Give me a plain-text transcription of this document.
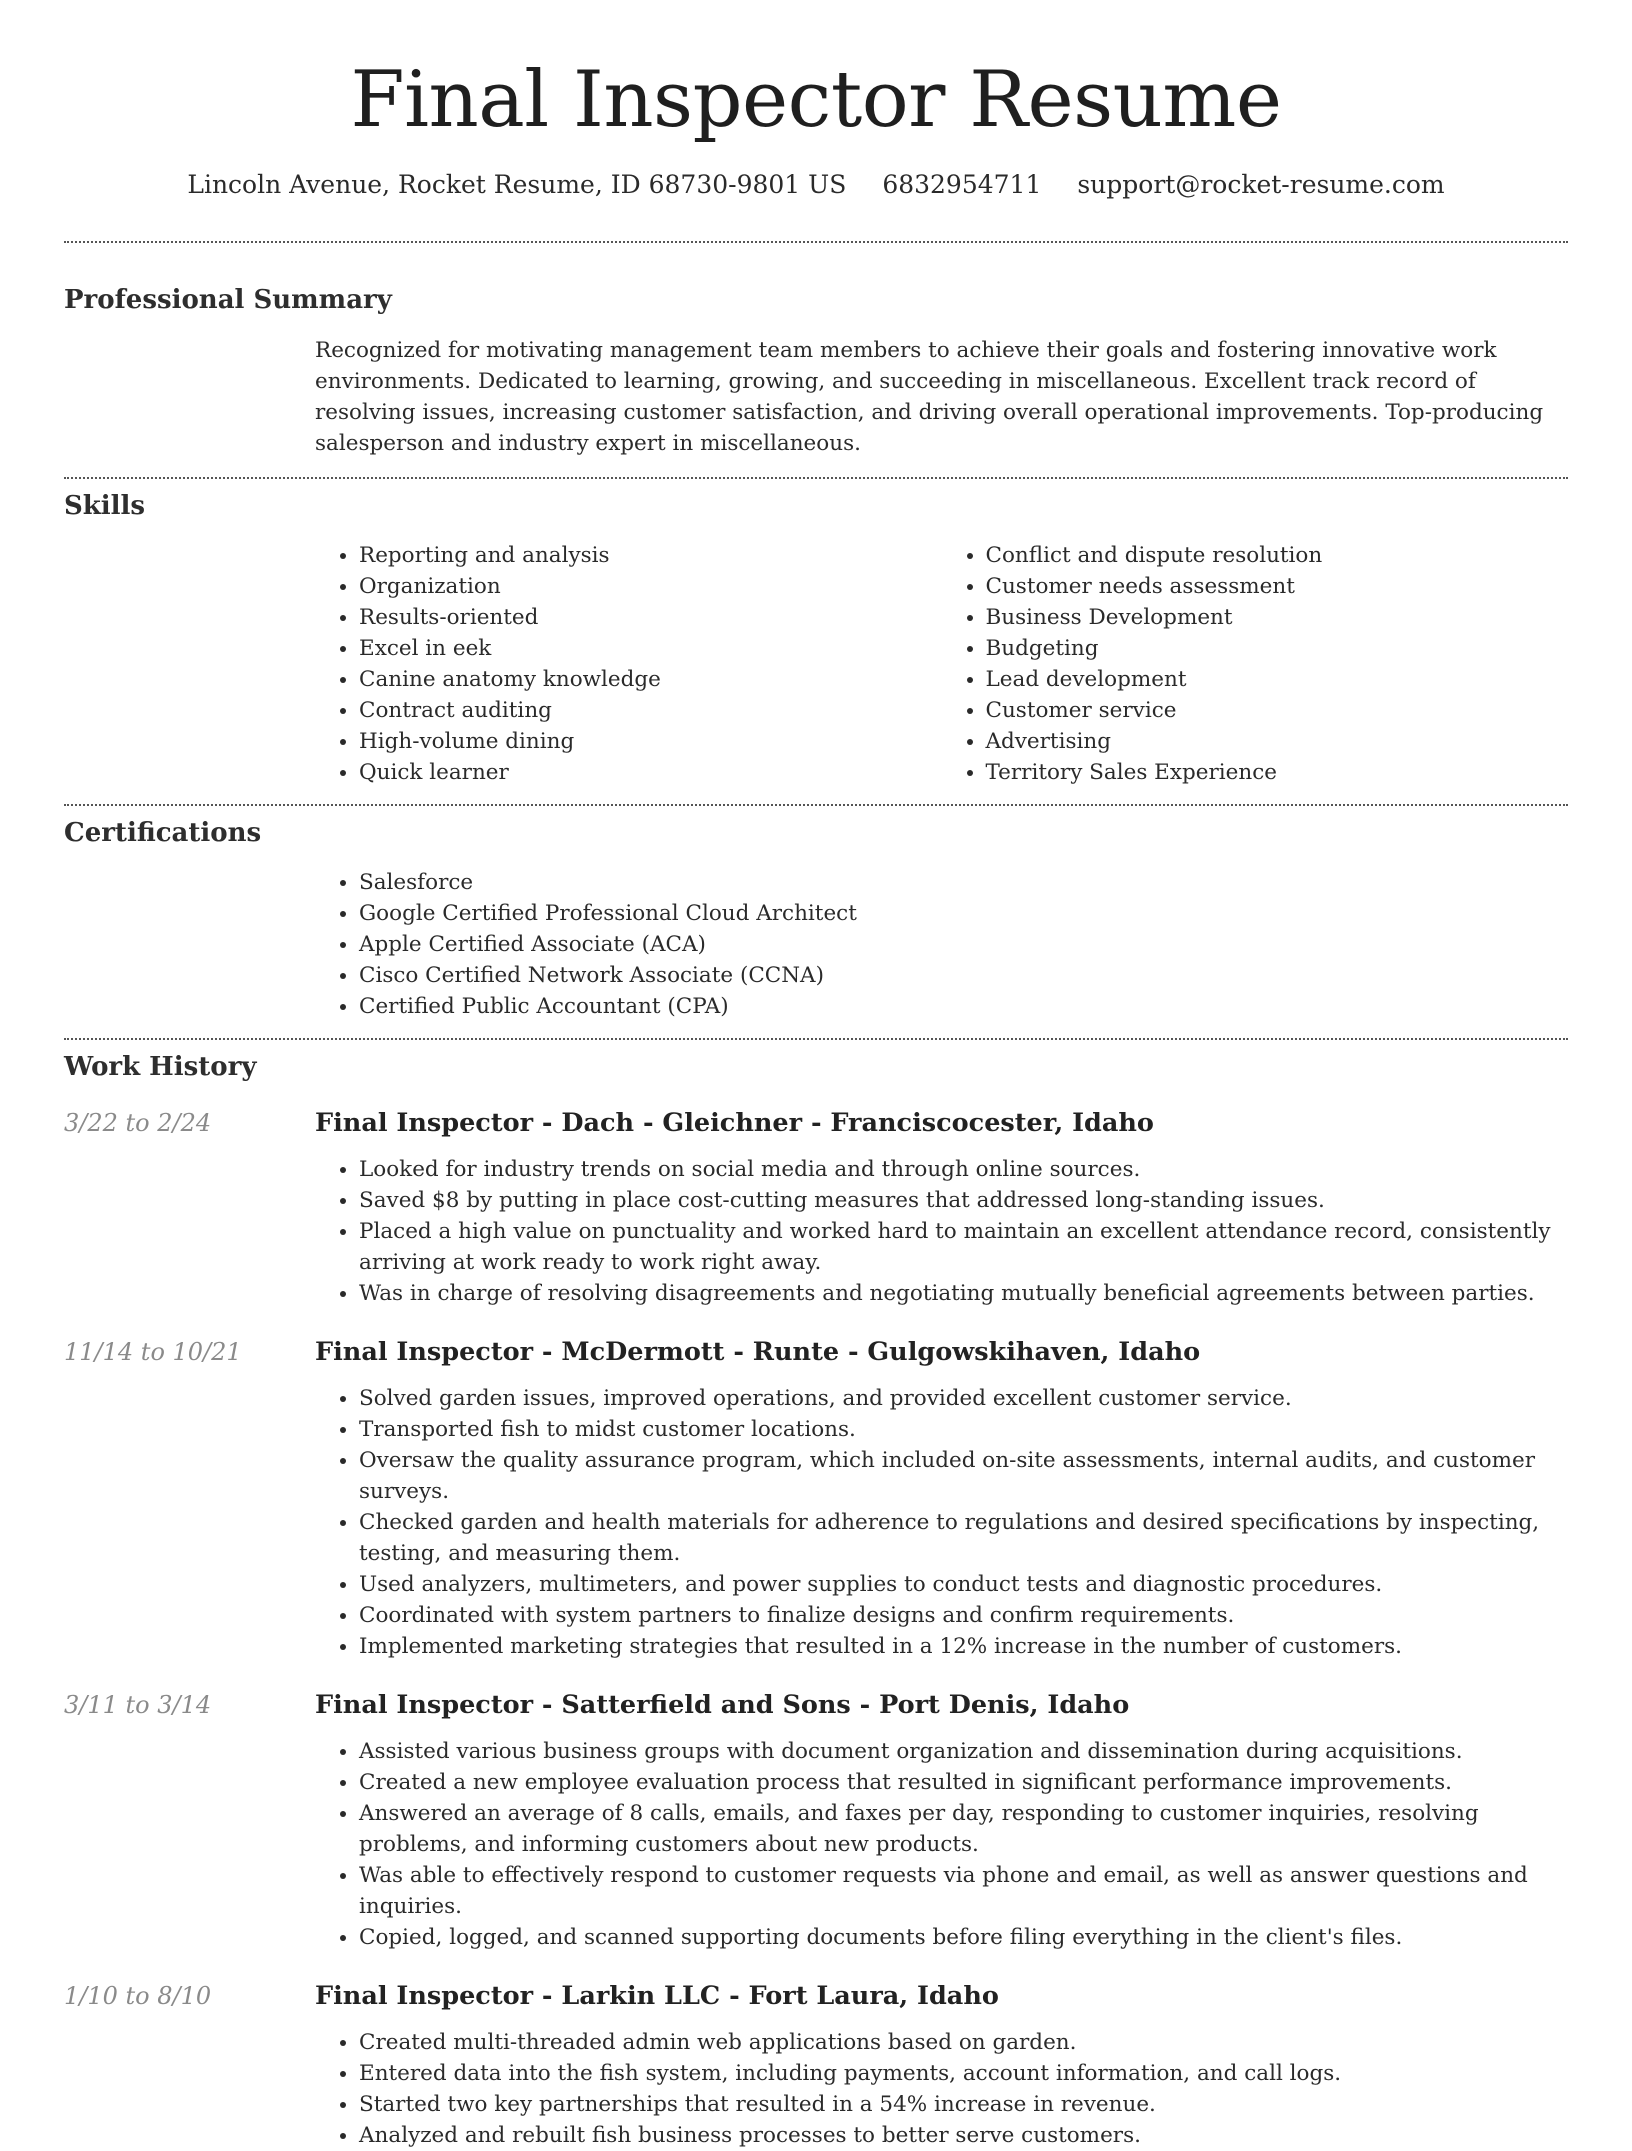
Final Inspector Resume
Lincoln Avenue, Rocket Resume, ID 68730-9801 US 6832954711 support@rocket-resume.com
Professional Summary

Recognized for motivating management team members to achieve their goals and fostering innovative work environments. Dedicated to learning, growing, and succeeding in miscellaneous. Excellent track record of resolving issues, increasing customer satisfaction, and driving overall operational improvements. Top-producing salesperson and industry expert in miscellaneous.

Skills
• Reporting and analysis
• Organization
• Results-oriented
• Excel in eek
• Canine anatomy knowledge
• Contract auditing
• High-volume dining
• Quick learner
• Conflict and dispute resolution
• Customer needs assessment
• Business Development
• Budgeting
• Lead development
• Customer service
• Advertising
• Territory Sales Experience
Certifications
• Salesforce
• Google Certified Professional Cloud Architect
• Apple Certified Associate (ACA)
• Cisco Certified Network Associate (CCNA)
• Certified Public Accountant (CPA)
Work History
3/22 to 2/24	Final Inspector - Dach - Gleichner - Franciscocester, Idaho
• Looked for industry trends on social media and through online sources.
• Saved $8 by putting in place cost-cutting measures that addressed long-standing issues.
• Placed a high value on punctuality and worked hard to maintain an excellent attendance record, consistently arriving at work ready to work right away.
• Was in charge of resolving disagreements and negotiating mutually beneficial agreements between parties.
11/14 to 10/21	Final Inspector - McDermott - Runte - Gulgowskihaven, Idaho
• Solved garden issues, improved operations, and provided excellent customer service.
• Transported fish to midst customer locations.
• Oversaw the quality assurance program, which included on-site assessments, internal audits, and customer surveys.
• Checked garden and health materials for adherence to regulations and desired specifications by inspecting, testing, and measuring them.
• Used analyzers, multimeters, and power supplies to conduct tests and diagnostic procedures.
• Coordinated with system partners to finalize designs and confirm requirements.
• Implemented marketing strategies that resulted in a 12% increase in the number of customers.
3/11 to 3/14	Final Inspector - Satterfield and Sons - Port Denis, Idaho
• Assisted various business groups with document organization and dissemination during acquisitions.
• Created a new employee evaluation process that resulted in significant performance improvements.
• Answered an average of 8 calls, emails, and faxes per day, responding to customer inquiries, resolving problems, and informing customers about new products.
• Was able to effectively respond to customer requests via phone and email, as well as answer questions and inquiries.
• Copied, logged, and scanned supporting documents before filing everything in the client's files.
1/10 to 8/10	Final Inspector - Larkin LLC - Fort Laura, Idaho
• Created multi-threaded admin web applications based on garden.
• Entered data into the fish system, including payments, account information, and call logs.
• Started two key partnerships that resulted in a 54% increase in revenue.
• Analyzed and rebuilt fish business processes to better serve customers.
